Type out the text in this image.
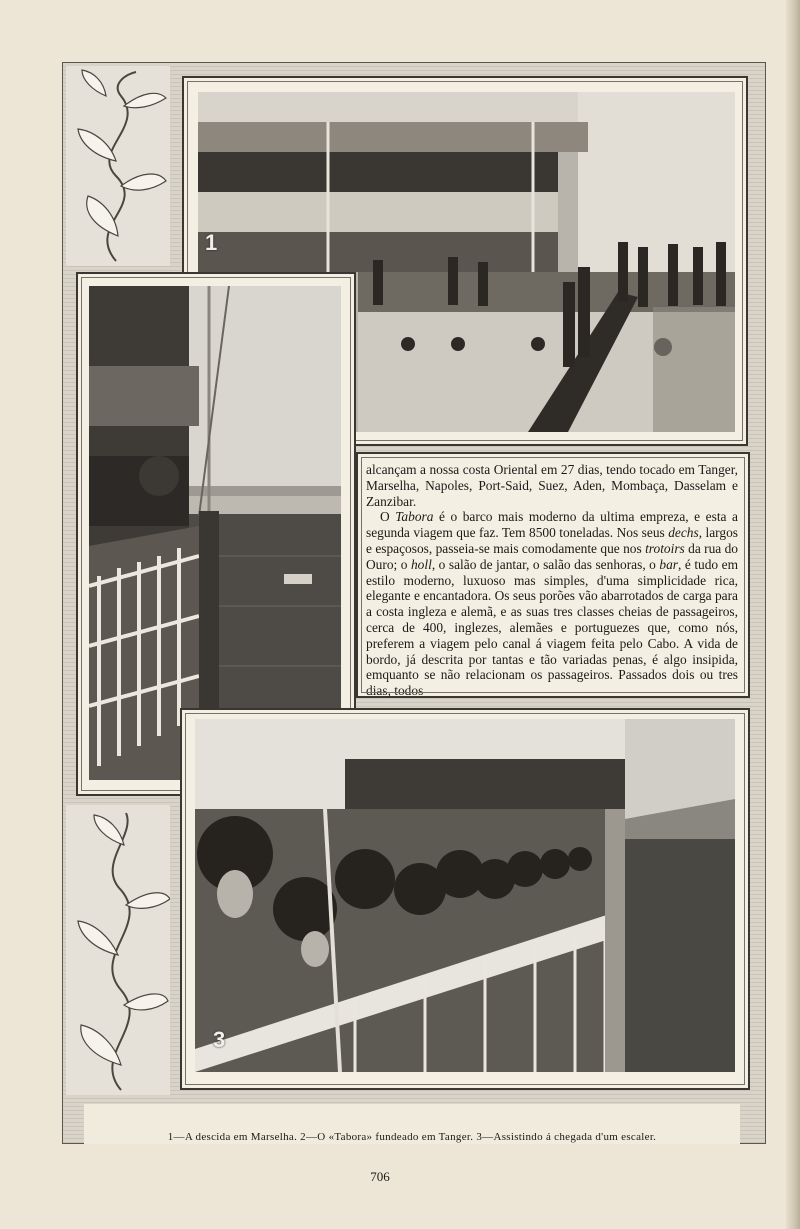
1

alcançam a nossa costa Oriental em 27 dias, tendo tocado em Tanger, Marselha, Napoles, Port-Said, Suez, Aden, Mombaça, Dasselam e Zanzibar.

O Tabora é o barco mais moderno da ultima empreza, e esta a segunda viagem que faz. Tem 8500 toneladas. Nos seus dechs, largos e espaçosos, passeia-se mais comodamente que nos trotoirs da rua do Ouro; o holl, o salão de jantar, o salão das senhoras, o bar, é tudo em estilo moderno, luxuoso mas simples, d'uma simplicidade rica, elegante e encantadora. Os seus porões vão abarrotados de carga para a costa ingleza e alemã, e as suas tres classes cheias de passageiros, cerca de 400, inglezes, alemães e portuguezes que, como nós, preferem a viagem pelo canal á viagem feita pelo Cabo. A vida de bordo, já descrita por tantas e tão variadas penas, é algo insipida, emquanto se não relacionam os passageiros. Passados dois ou tres dias, todos

3
1—A descida em Marselha. 2—O «Tabora» fundeado em Tanger. 3—Assistindo á chegada d'um escaler.
706
